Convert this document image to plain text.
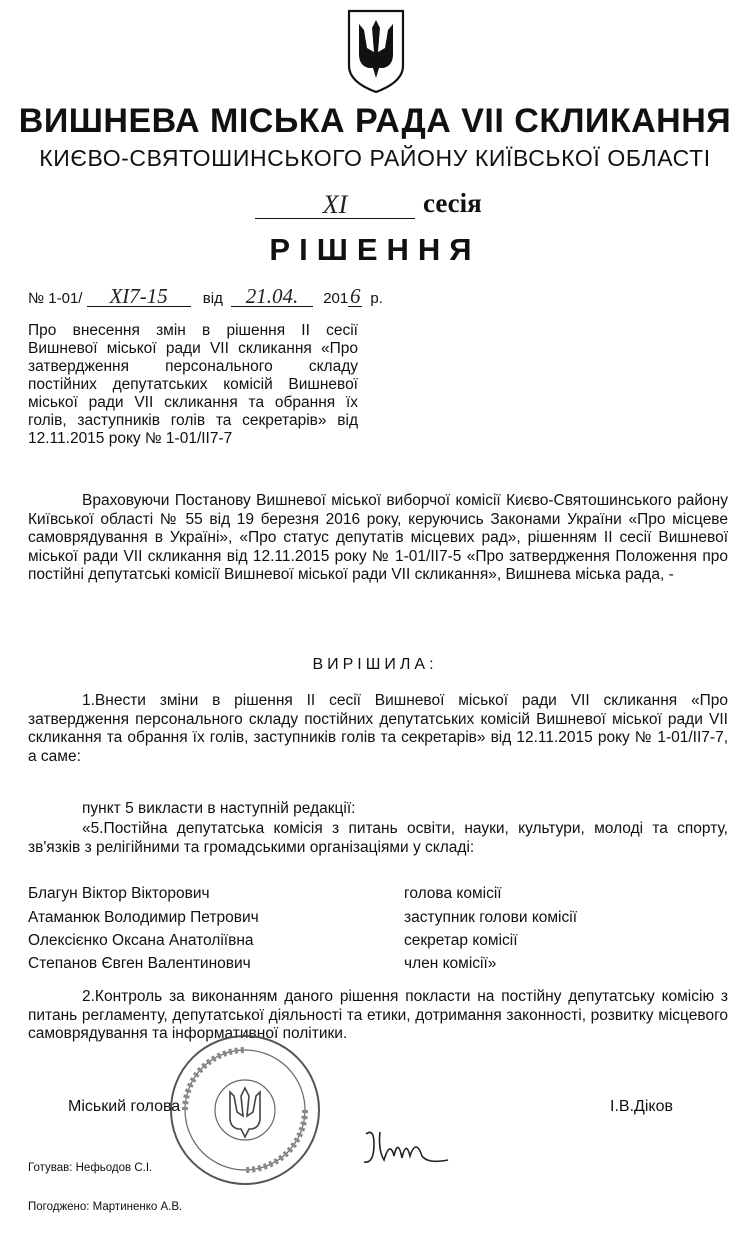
ВИШНЕВА МІСЬКА РАДА VII СКЛИКАННЯ
КИЄВО-СВЯТОШИНСЬКОГО РАЙОНУ КИЇВСЬКОЇ ОБЛАСТІ
XI	сесія
РІШЕННЯ
№ 1-01/ XI7-15 від 21.04. 2016 р.
Про внесення змін в рішення ІІ сесії Вишневої міської ради VII скликання «Про затвердження персонального складу постійних депутатських комісій Вишневої міської ради VII скликання та обрання їх голів, заступників голів та секретарів» від 12.11.2015 року № 1-01/ІІ7-7
Враховуючи Постанову Вишневої міської виборчої комісії Києво-Святошинського району Київської області № 55 від 19 березня 2016 року, керуючись Законами України «Про місцеве самоврядування в Україні», «Про статус депутатів місцевих рад», рішенням ІІ сесії Вишневої міської ради VII скликання від 12.11.2015 року № 1-01/ІІ7-5 «Про затвердження Положення про постійні депутатські комісії Вишневої міської ради VII скликання», Вишнева міська рада, -
ВИРІШИЛА:
1.Внести зміни в рішення ІІ сесії Вишневої міської ради VII скликання «Про затвердження персонального складу постійних депутатських комісій Вишневої міської ради VII скликання та обрання їх голів, заступників голів та секретарів» від 12.11.2015 року № 1-01/ІІ7-7, а саме:
пункт 5 викласти в наступній редакції:
«5.Постійна депутатська комісія з питань освіти, науки, культури, молоді та спорту, зв'язків з релігійними та громадськими організаціями у складі:
Благун Віктор Вікторович	голова комісії
Атаманюк Володимир Петрович	заступник голови комісії
Олексієнко Оксана Анатоліївна	секретар комісії
Степанов Євген Валентинович	член комісії»
2.Контроль за виконанням даного рішення покласти на постійну депутатську комісію з питань регламенту, депутатської діяльності та етики, дотримання законності, розвитку місцевого самоврядування та інформативної політики.
Міський голова	І.В.Діков
Готував: Нефьодов С.І.
Погоджено: Мартиненко А.В.
